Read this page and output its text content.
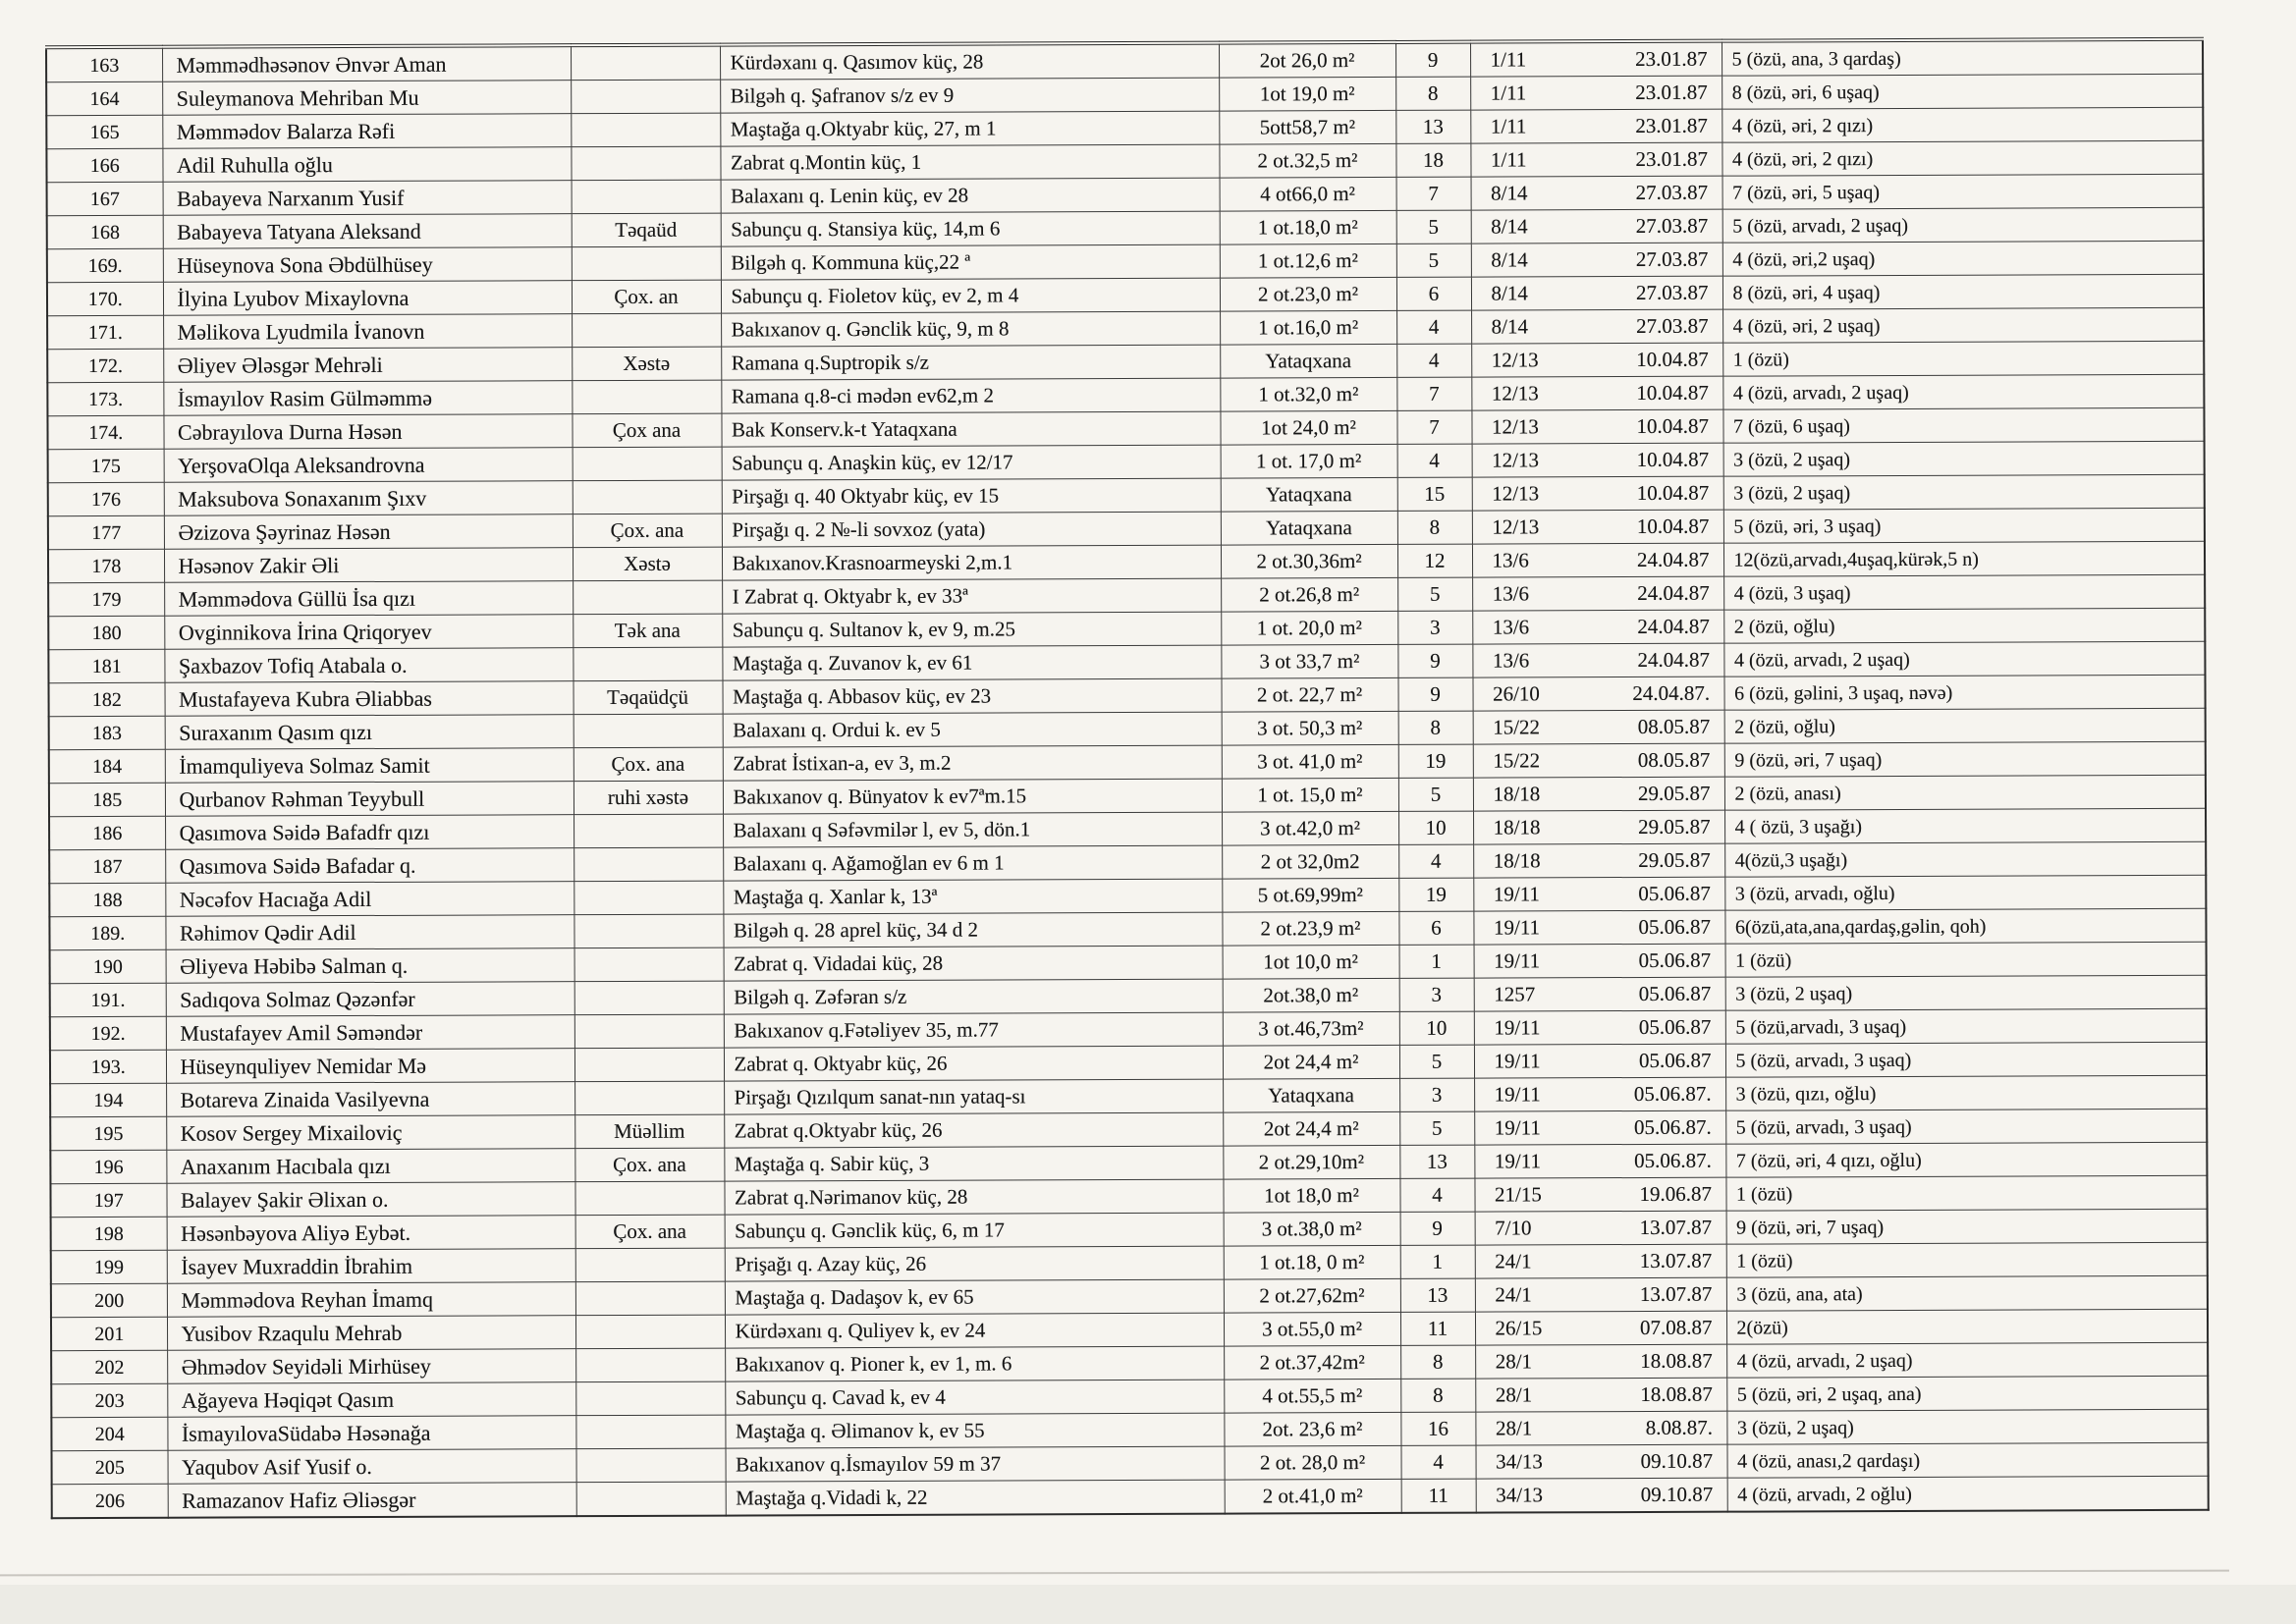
163	Məmmədhəsənov Ənvər Aman		Kürdəxanı q. Qasımov küç, 28	2ot 26,0 m²	9	1/11 23.01.87	5 (özü, ana, 3 qardaş)
164	Suleymanova Mehriban Mu		Bilgəh q. Şafranov s/z ev 9	1ot 19,0 m²	8	1/11 23.01.87	8 (özü, əri, 6 uşaq)
165	Məmmədov Balarza Rəfi		Maştağa q.Oktyabr küç, 27, m 1	5ott58,7 m²	13	1/11 23.01.87	4 (özü, əri, 2 qızı)
166	Adil Ruhulla oğlu		Zabrat q.Montin küç, 1	2 ot.32,5 m²	18	1/11 23.01.87	4 (özü, əri, 2 qızı)
167	Babayeva Narxanım Yusif		Balaxanı q. Lenin küç, ev 28	4 ot66,0 m²	7	8/14 27.03.87	7 (özü, əri, 5 uşaq)
168	Babayeva Tatyana Aleksand	Təqaüd	Sabunçu q. Stansiya küç, 14,m 6	1 ot.18,0 m²	5	8/14 27.03.87	5 (özü, arvadı, 2 uşaq)
169.	Hüseynova Sona Əbdülhüsey		Bilgəh q. Kommuna küç,22 ª	1 ot.12,6 m²	5	8/14 27.03.87	4 (özü, əri,2 uşaq)
170.	İlyina Lyubov Mixaylovna	Çox. an	Sabunçu q. Fioletov küç, ev 2, m 4	2 ot.23,0 m²	6	8/14 27.03.87	8 (özü, əri, 4 uşaq)
171.	Məlikova Lyudmila İvanovn		Bakıxanov q. Gənclik küç, 9, m 8	1 ot.16,0 m²	4	8/14 27.03.87	4 (özü, əri, 2 uşaq)
172.	Əliyev Ələsgər Mehrəli	Xəstə	Ramana q.Suptropik s/z	Yataqxana	4	12/13 10.04.87	1 (özü)
173.	İsmayılov Rasim Gülməmmə		Ramana q.8-ci mədən ev62,m 2	1 ot.32,0 m²	7	12/13 10.04.87	4 (özü, arvadı, 2 uşaq)
174.	Cəbrayılova Durna Həsən	Çox ana	Bak Konserv.k-t Yataqxana	1ot 24,0 m²	7	12/13 10.04.87	7 (özü, 6 uşaq)
175	YerşovaOlqa Aleksandrovna		Sabunçu q. Anaşkin küç, ev 12/17	1 ot. 17,0 m²	4	12/13 10.04.87	3 (özü, 2 uşaq)
176	Maksubova Sonaxanım Şıxv		Pirşağı q. 40 Oktyabr küç, ev 15	Yataqxana	15	12/13 10.04.87	3 (özü, 2 uşaq)
177	Əzizova Şəyrinaz Həsən	Çox. ana	Pirşağı q. 2 №-li sovxoz (yata)	Yataqxana	8	12/13 10.04.87	5 (özü, əri, 3 uşaq)
178	Həsənov Zakir Əli	Xəstə	Bakıxanov.Krasnoarmeyski 2,m.1	2 ot.30,36m²	12	13/6 24.04.87	12(özü,arvadı,4uşaq,kürək,5 n)
179	Məmmədova Güllü İsa qızı		I Zabrat q. Oktyabr k, ev 33ª	2 ot.26,8 m²	5	13/6 24.04.87	4 (özü, 3 uşaq)
180	Ovginnikova İrina Qriqoryev	Tək ana	Sabunçu q. Sultanov k, ev 9, m.25	1 ot. 20,0 m²	3	13/6 24.04.87	2 (özü, oğlu)
181	Şaxbazov Tofiq Atabala o.		Maştağa q. Zuvanov k, ev 61	3 ot 33,7 m²	9	13/6 24.04.87	4 (özü, arvadı, 2 uşaq)
182	Mustafayeva Kubra Əliabbas	Təqaüdçü	Maştağa q. Abbasov küç, ev 23	2 ot. 22,7 m²	9	26/10 24.04.87.	6 (özü, gəlini, 3 uşaq, nəvə)
183	Suraxanım Qasım qızı		Balaxanı q. Ordui k. ev 5	3 ot. 50,3 m²	8	15/22 08.05.87	2 (özü, oğlu)
184	İmamquliyeva Solmaz Samit	Çox. ana	Zabrat İstixan-a, ev 3, m.2	3 ot. 41,0 m²	19	15/22 08.05.87	9 (özü, əri, 7 uşaq)
185	Qurbanov Rəhman Teyybull	ruhi xəstə	Bakıxanov q. Bünyatov k ev7ªm.15	1 ot. 15,0 m²	5	18/18 29.05.87	2 (özü, anası)
186	Qasımova Səidə Bafadfr qızı		Balaxanı q Səfəvmilər l, ev 5, dön.1	3 ot.42,0 m²	10	18/18 29.05.87	4 ( özü, 3 uşağı)
187	Qasımova Səidə Bafadar q.		Balaxanı q. Ağamoğlan ev 6 m 1	2 ot 32,0m2	4	18/18 29.05.87	4(özü,3 uşağı)
188	Nəcəfov Hacıağa Adil		Maştağa q. Xanlar k, 13ª	5 ot.69,99m²	19	19/11 05.06.87	3 (özü, arvadı, oğlu)
189.	Rəhimov Qədir Adil		Bilgəh q. 28 aprel küç, 34 d 2	2 ot.23,9 m²	6	19/11 05.06.87	6(özü,ata,ana,qardaş,gəlin, qoh)
190	Əliyeva Həbibə Salman q.		Zabrat q. Vidadai küç, 28	1ot 10,0 m²	1	19/11 05.06.87	1 (özü)
191.	Sadıqova Solmaz Qəzənfər		Bilgəh q. Zəfəran s/z	2ot.38,0 m²	3	1257 05.06.87	3 (özü, 2 uşaq)
192.	Mustafayev Amil Səməndər		Bakıxanov q.Fətəliyev 35, m.77	3 ot.46,73m²	10	19/11 05.06.87	5 (özü,arvadı, 3 uşaq)
193.	Hüseynquliyev Nemidar Mə		Zabrat q. Oktyabr küç, 26	2ot 24,4 m²	5	19/11 05.06.87	5 (özü, arvadı, 3 uşaq)
194	Botareva Zinaida Vasilyevna		Pirşağı Qızılqum sanat-nın yataq-sı	Yataqxana	3	19/11 05.06.87.	3 (özü, qızı, oğlu)
195	Kosov Sergey Mixailoviç	Müəllim	Zabrat q.Oktyabr küç, 26	2ot 24,4 m²	5	19/11 05.06.87.	5 (özü, arvadı, 3 uşaq)
196	Anaxanım Hacıbala qızı	Çox. ana	Maştağa q. Sabir küç, 3	2 ot.29,10m²	13	19/11 05.06.87.	7 (özü, əri, 4 qızı, oğlu)
197	Balayev Şakir Əlixan o.		Zabrat q.Nərimanov küç, 28	1ot 18,0 m²	4	21/15 19.06.87	1 (özü)
198	Həsənbəyova Aliyə Eybət.	Çox. ana	Sabunçu q. Gənclik küç, 6, m 17	3 ot.38,0 m²	9	7/10 13.07.87	9 (özü, əri, 7 uşaq)
199	İsayev Muxraddin İbrahim		Prişağı q. Azay küç, 26	1 ot.18, 0 m²	1	24/1 13.07.87	1 (özü)
200	Məmmədova Reyhan İmamq		Maştağa q. Dadaşov k, ev 65	2 ot.27,62m²	13	24/1 13.07.87	3 (özü, ana, ata)
201	Yusibov Rzaqulu Mehrab		Kürdəxanı q. Quliyev k, ev 24	3 ot.55,0 m²	11	26/15 07.08.87	2(özü)
202	Əhmədov Seyidəli Mirhüsey		Bakıxanov q. Pioner k, ev 1, m. 6	2 ot.37,42m²	8	28/1 18.08.87	4 (özü, arvadı, 2 uşaq)
203	Ağayeva Həqiqət Qasım		Sabunçu q. Cavad k, ev 4	4 ot.55,5 m²	8	28/1 18.08.87	5 (özü, əri, 2 uşaq, ana)
204	İsmayılovaSüdabə Həsənağa		Maştağa q. Əlimanov k, ev 55	2ot. 23,6 m²	16	28/1 8.08.87.	3 (özü, 2 uşaq)
205	Yaqubov Asif Yusif o.		Bakıxanov q.İsmayılov 59 m 37	2 ot. 28,0 m²	4	34/13 09.10.87	4 (özü, anası,2 qardaşı)
206	Ramazanov Hafiz Əliəsgər		Maştağa q.Vidadi k, 22	2 ot.41,0 m²	11	34/13 09.10.87	4 (özü, arvadı, 2 oğlu)
